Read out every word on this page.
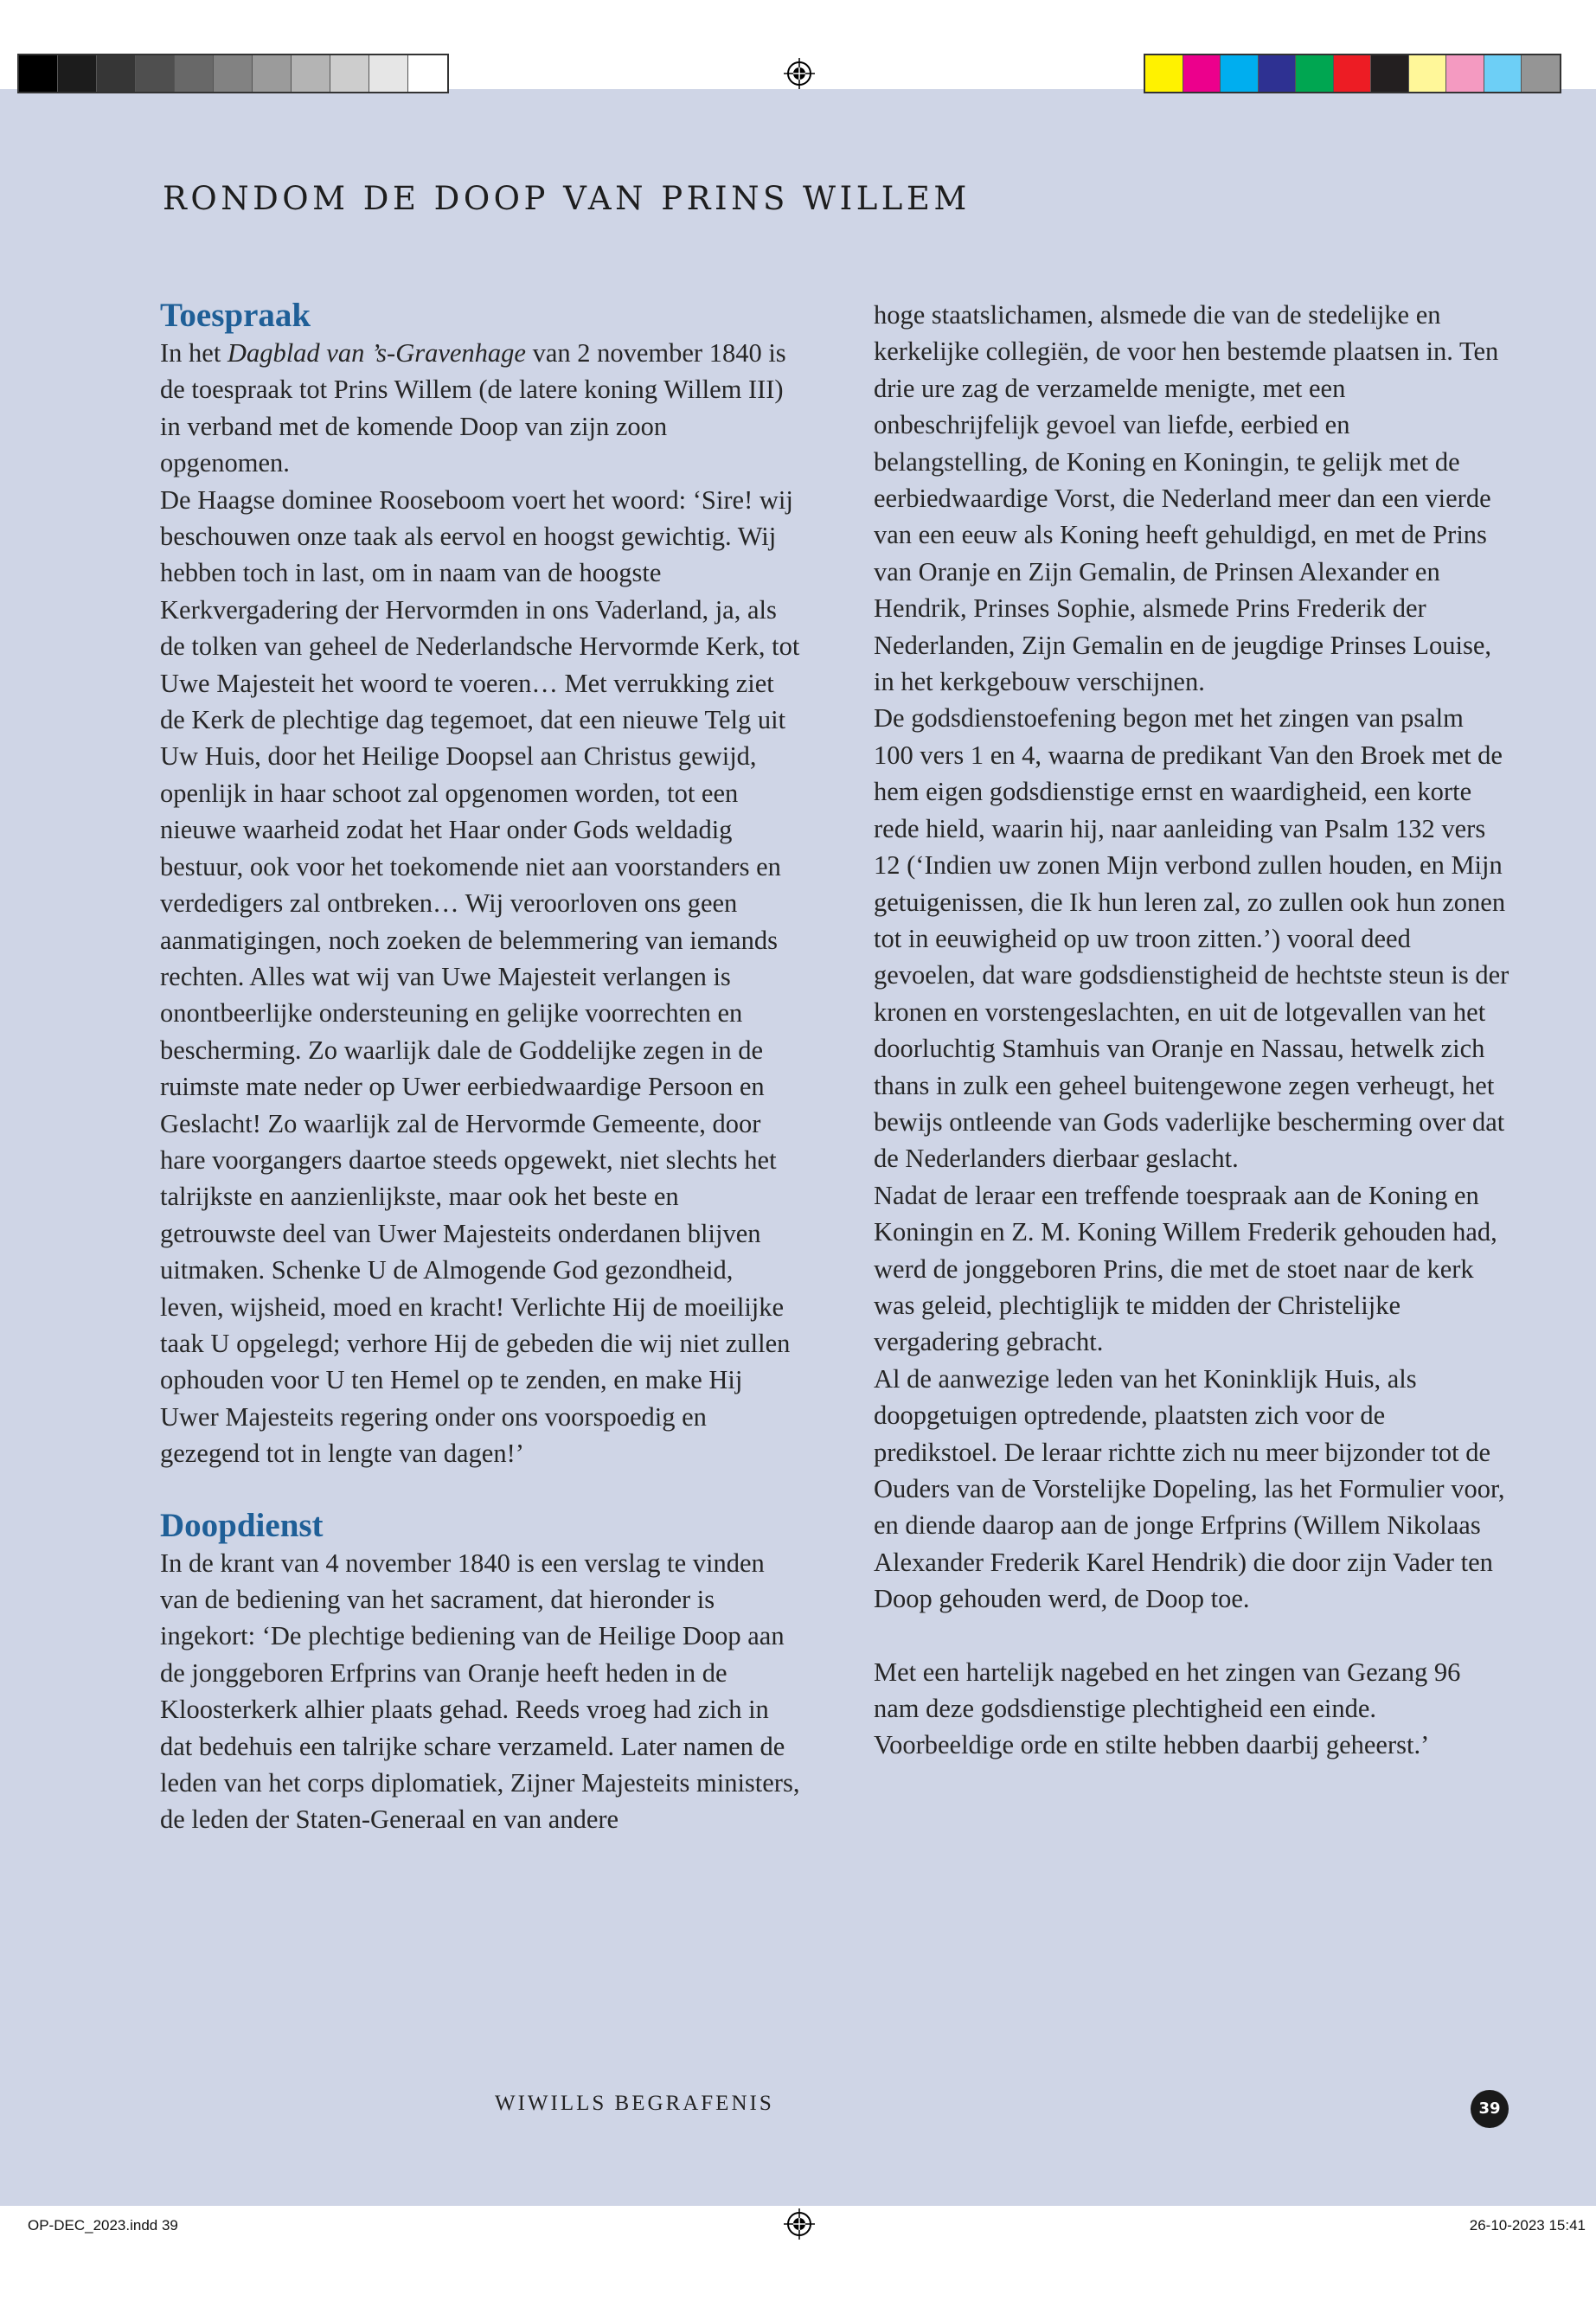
RONDOM DE DOOP VAN PRINS WILLEM
Toespraak

In het Dagblad van ’s-Gravenhage van 2 november 1840 is de toespraak tot Prins Willem (de latere koning Willem III) in verband met de komende Doop van zijn zoon opgenomen.

De Haagse dominee Rooseboom voert het woord: ‘Sire! wij beschouwen onze taak als eervol en hoogst gewichtig. Wij hebben toch in last, om in naam van de hoogste Kerkvergadering der Hervormden in ons Vaderland, ja, als de tolken van geheel de Nederlandsche Hervormde Kerk, tot Uwe Majesteit het woord te voeren… Met verrukking ziet de Kerk de plechtige dag tegemoet, dat een nieuwe Telg uit Uw Huis, door het Heilige Doopsel aan Christus gewijd, openlijk in haar schoot zal opgenomen worden, tot een nieuwe waarheid zodat het Haar onder Gods weldadig bestuur, ook voor het toekomende niet aan voorstanders en verdedigers zal ontbreken… Wij veroorloven ons geen aanmatigingen, noch zoeken de belemmering van iemands rechten. Alles wat wij van Uwe Majesteit verlangen is onontbeerlijke ondersteuning en gelijke voorrechten en bescherming. Zo waarlijk dale de Goddelijke zegen in de ruimste mate neder op Uwer eerbiedwaardige Persoon en Geslacht! Zo waarlijk zal de Hervormde Gemeente, door hare voorgangers daartoe steeds opgewekt, niet slechts het talrijkste en aanzienlijkste, maar ook het beste en getrouwste deel van Uwer Majesteits onderdanen blijven uitmaken. Schenke U de Almogende God gezondheid, leven, wijsheid, moed en kracht! Verlichte Hij de moeilijke taak U opgelegd; verhore Hij de gebeden die wij niet zullen ophouden voor U ten Hemel op te zenden, en make Hij Uwer Majesteits regering onder ons voorspoedig en gezegend tot in lengte van dagen!’

Doopdienst

In de krant van 4 november 1840 is een verslag te vinden van de bediening van het sacrament, dat hieronder is ingekort: ‘De plechtige bediening van de Heilige Doop aan de jonggeboren Erfprins van Oranje heeft heden in de Kloosterkerk alhier plaats gehad. Reeds vroeg had zich in dat bedehuis een talrijke schare verzameld. Later namen de leden van het corps diplomatiek, Zijner Majesteits ministers, de leden der Staten-Generaal en van andere

hoge staatslichamen, alsmede die van de stedelijke en kerkelijke collegiën, de voor hen bestemde plaatsen in. Ten drie ure zag de verzamelde menigte, met een onbeschrijfelijk gevoel van liefde, eerbied en belangstelling, de Koning en Koningin, te gelijk met de eerbiedwaardige Vorst, die Nederland meer dan een vierde van een eeuw als Koning heeft gehuldigd, en met de Prins van Oranje en Zijn Gemalin, de Prinsen Alexander en Hendrik, Prinses Sophie, alsmede Prins Frederik der Nederlanden, Zijn Gemalin en de jeugdige Prinses Louise, in het kerkgebouw verschijnen.

De godsdienstoefening begon met het zingen van psalm 100 vers 1 en 4, waarna de predikant Van den Broek met de hem eigen godsdienstige ernst en waardigheid, een korte rede hield, waarin hij, naar aanleiding van Psalm 132 vers 12 (‘Indien uw zonen Mijn verbond zullen houden, en Mijn getuigenissen, die Ik hun leren zal, zo zullen ook hun zonen tot in eeuwigheid op uw troon zitten.’) vooral deed gevoelen, dat ware godsdienstigheid de hechtste steun is der kronen en vorstengeslachten, en uit de lotgevallen van het doorluchtig Stamhuis van Oranje en Nassau, hetwelk zich thans in zulk een geheel buitengewone zegen verheugt, het bewijs ontleende van Gods vaderlijke bescherming over dat de Nederlanders dierbaar geslacht.

Nadat de leraar een treffende toespraak aan de Koning en Koningin en Z. M. Koning Willem Frederik gehouden had, werd de jonggeboren Prins, die met de stoet naar de kerk was geleid, plechtiglijk te midden der Christelijke vergadering gebracht.

Al de aanwezige leden van het Koninklijk Huis, als doopgetuigen optredende, plaatsten zich voor de predikstoel. De leraar richtte zich nu meer bijzonder tot de Ouders van de Vorstelijke Dopeling, las het Formulier voor, en diende daarop aan de jonge Erfprins (Willem Nikolaas Alexander Frederik Karel Hendrik) die door zijn Vader ten Doop gehouden werd, de Doop toe.

Met een hartelijk nagebed en het zingen van Gezang 96 nam deze godsdienstige plechtigheid een einde. Voorbeeldige orde en stilte hebben daarbij geheerst.’

WIWILLS BEGRAFENIS	39
OP-DEC_2023.indd 39	26-10-2023 15:41
